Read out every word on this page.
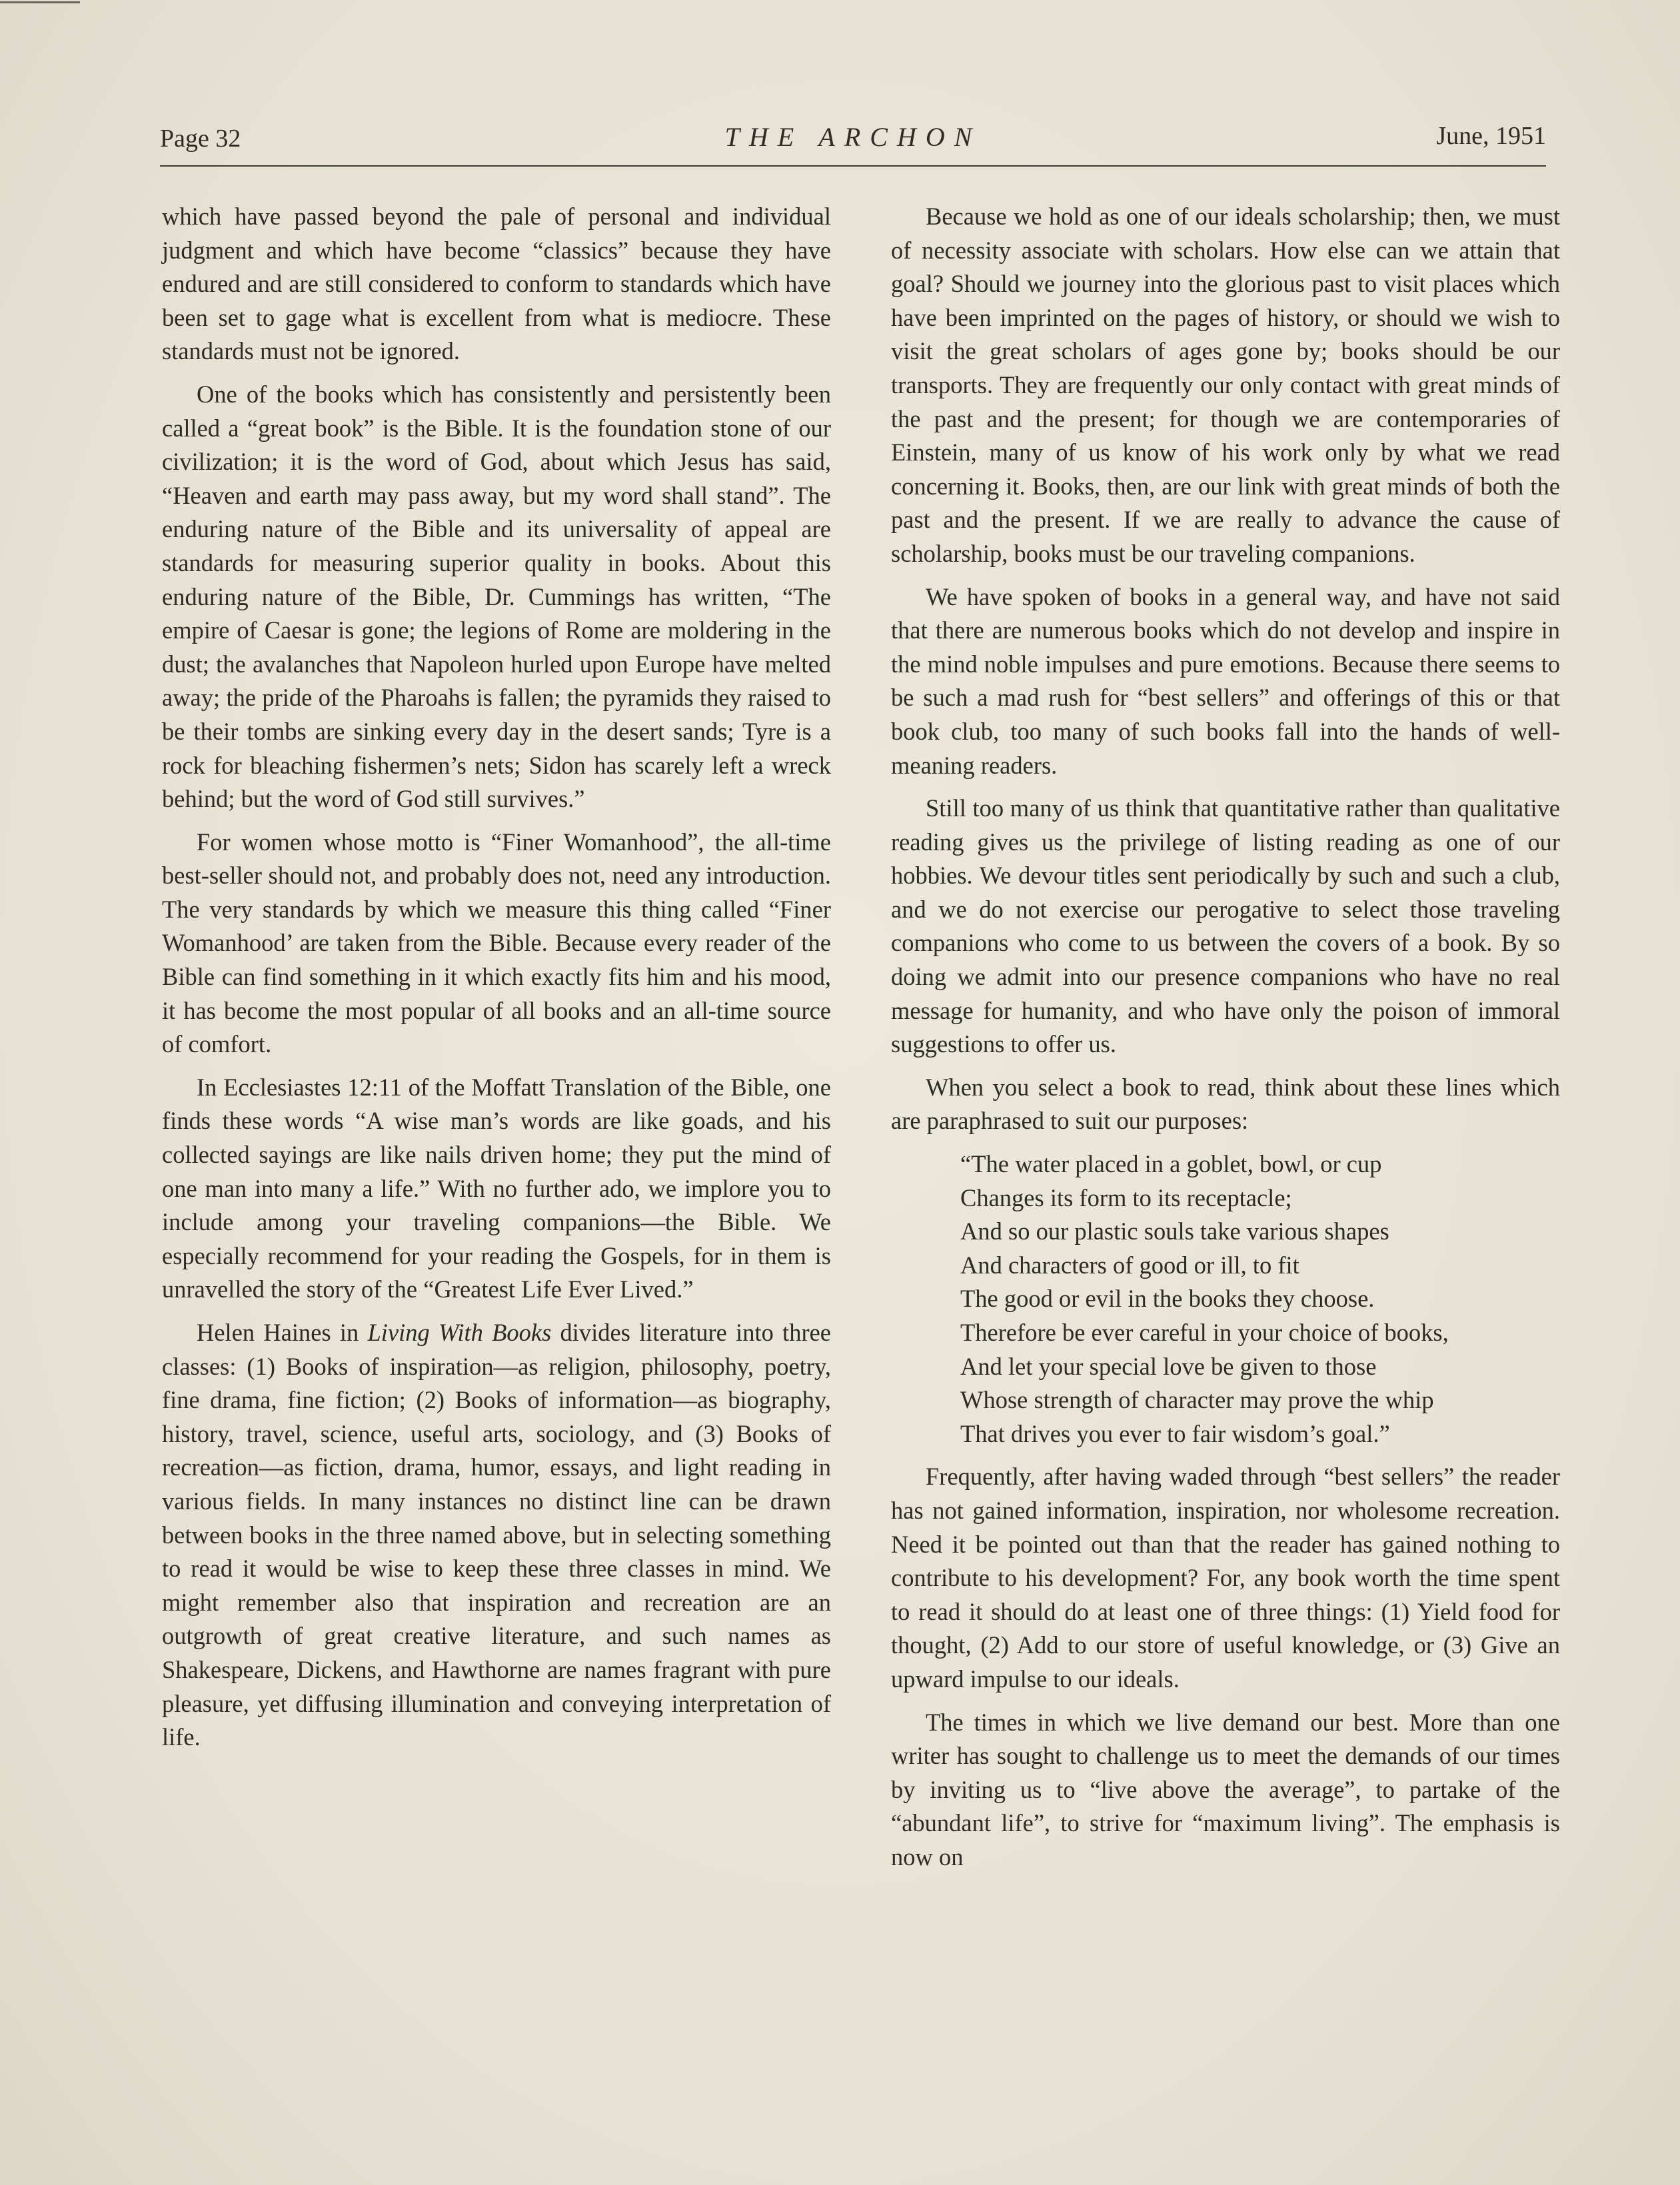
Page 32	THE ARCHON	June, 1951

which have passed beyond the pale of personal and individual judgment and which have become “classics” because they have endured and are still considered to conform to standards which have been set to gage what is excellent from what is mediocre. These standards must not be ignored.

One of the books which has consistently and persistently been called a “great book” is the Bible. It is the foundation stone of our civilization; it is the word of God, about which Jesus has said, “Heaven and earth may pass away, but my word shall stand”. The enduring nature of the Bible and its universality of appeal are standards for measuring superior quality in books. About this enduring nature of the Bible, Dr. Cummings has written, “The empire of Caesar is gone; the legions of Rome are moldering in the dust; the avalanches that Napoleon hurled upon Europe have melted away; the pride of the Pharoahs is fallen; the pyramids they raised to be their tombs are sinking every day in the desert sands; Tyre is a rock for bleaching fishermen’s nets; Sidon has scarely left a wreck behind; but the word of God still survives.”

For women whose motto is “Finer Womanhood”, the all-time best-seller should not, and probably does not, need any introduction. The very standards by which we measure this thing called “Finer Womanhood’ are taken from the Bible. Because every reader of the Bible can find something in it which exactly fits him and his mood, it has become the most popular of all books and an all-time source of comfort.

In Ecclesiastes 12:11 of the Moffatt Translation of the Bible, one finds these words “A wise man’s words are like goads, and his collected sayings are like nails driven home; they put the mind of one man into many a life.” With no further ado, we implore you to include among your traveling companions—the Bible. We especially recommend for your reading the Gospels, for in them is unravelled the story of the “Greatest Life Ever Lived.”

Helen Haines in Living With Books divides literature into three classes: (1) Books of inspiration—as religion, philosophy, poetry, fine drama, fine fiction; (2) Books of information—as biography, history, travel, science, useful arts, sociology, and (3) Books of recreation—as fiction, drama, humor, essays, and light reading in various fields. In many instances no distinct line can be drawn between books in the three named above, but in selecting something to read it would be wise to keep these three classes in mind. We might remember also that inspiration and recreation are an outgrowth of great creative literature, and such names as Shakespeare, Dickens, and Hawthorne are names fragrant with pure pleasure, yet diffusing illumination and conveying interpretation of life.

Because we hold as one of our ideals scholarship; then, we must of necessity associate with scholars. How else can we attain that goal? Should we journey into the glorious past to visit places which have been imprinted on the pages of history, or should we wish to visit the great scholars of ages gone by; books should be our transports. They are frequently our only contact with great minds of the past and the present; for though we are contemporaries of Einstein, many of us know of his work only by what we read concerning it. Books, then, are our link with great minds of both the past and the present. If we are really to advance the cause of scholarship, books must be our traveling companions.

We have spoken of books in a general way, and have not said that there are numerous books which do not develop and inspire in the mind noble impulses and pure emotions. Because there seems to be such a mad rush for “best sellers” and offerings of this or that book club, too many of such books fall into the hands of well-meaning readers.

Still too many of us think that quantitative rather than qualitative reading gives us the privilege of listing reading as one of our hobbies. We devour titles sent periodically by such and such a club, and we do not exercise our perogative to select those traveling companions who come to us between the covers of a book. By so doing we admit into our presence companions who have no real message for humanity, and who have only the poison of immoral suggestions to offer us.

When you select a book to read, think about these lines which are paraphrased to suit our purposes:

“The water placed in a goblet, bowl, or cup
Changes its form to its receptacle;
And so our plastic souls take various shapes
And characters of good or ill, to fit
The good or evil in the books they choose.
Therefore be ever careful in your choice of books,
And let your special love be given to those
Whose strength of character may prove the whip
That drives you ever to fair wisdom’s goal.”

Frequently, after having waded through “best sellers” the reader has not gained information, inspiration, nor wholesome recreation. Need it be pointed out than that the reader has gained nothing to contribute to his development? For, any book worth the time spent to read it should do at least one of three things: (1) Yield food for thought, (2) Add to our store of useful knowledge, or (3) Give an upward impulse to our ideals.

The times in which we live demand our best. More than one writer has sought to challenge us to meet the demands of our times by inviting us to “live above the average”, to partake of the “abundant life”, to strive for “maximum living”. The emphasis is now on
